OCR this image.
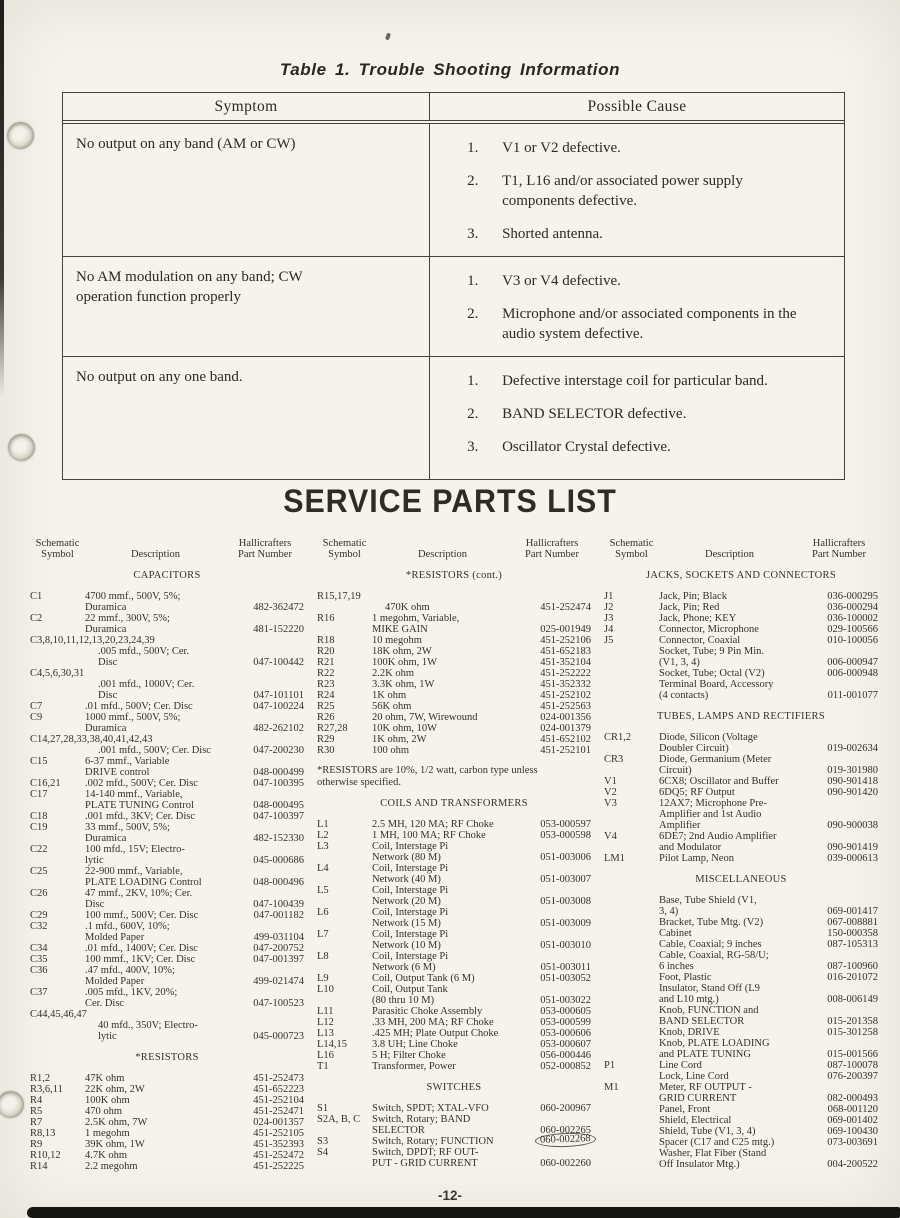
Table 1. Trouble Shooting Information
Symptom	Possible Cause
No output on any band (AM or CW)	1.	V1 or V2 defective.
2.	T1, L16 and/or associated power supply components defective.
3.	Shorted antenna.
No AM modulation on any band; CW operation function properly
1.	V3 or V4 defective.
2.	Microphone and/or associated components in the audio system defective.
No output on any one band.	1.	Defective interstage coil for particular band.
2.	BAND SELECTOR defective.
3.	Oscillator Crystal defective.
SERVICE PARTS LIST
Schematic
Symbol	Description
Hallicrafters
Part Number
CAPACITORS
C1	4700 mmf., 500V, 5%;
Duramica	482-362472
C2	22 mmf., 300V, 5%;
Duramica	481-152220
C3,8,10,11,12,13,20,23,24,39
.005 mfd., 500V; Cer.
Disc	047-100442
C4,5,6,30,31
.001 mfd., 1000V; Cer.
Disc	047-101101
C7	.01 mfd., 500V; Cer. Disc	047-100224
C9	1000 mmf., 500V, 5%;
Duramica	482-262102
C14,27,28,33,38,40,41,42,43
.001 mfd., 500V; Cer. Disc	047-200230
C15	6-37 mmf., Variable
DRIVE control	048-000499
C16,21 .002 mfd., 500V; Cer. Disc	047-100395
C17	14-140 mmf., Variable,
PLATE TUNING Control	048-000495
C18	.001 mfd., 3KV; Cer. Disc	047-100397
C19	33 mmf., 500V, 5%;
Duramica	482-152330
C22	100 mfd., 15V; Electro-
lytic	045-000686
C25	22-900 mmf., Variable,
PLATE LOADING Control	048-000496
C26	47 mmf., 2KV, 10%; Cer.
Disc	047-100439
C29	100 mmf., 500V; Cer. Disc	047-001182
C32	.1 mfd., 600V, 10%;
Molded Paper	499-031104
C34	.01 mfd., 1400V; Cer. Disc	047-200752
C35	100 mmf., 1KV; Cer. Disc	047-001397
C36	.47 mfd., 400V, 10%;
Molded Paper	499-021474
C37	.005 mfd., 1KV, 20%;
Cer. Disc	047-100523
C44,45,46,47
40 mfd., 350V; Electro-
lytic	045-000723
*RESISTORS
R1,2	47K ohm	451-252473
R3,6,11 22K ohm, 2W	451-652223
R4	100K ohm	451-252104
R5	470 ohm	451-252471
R7	2.5K ohm, 7W	024-001357
R8,13	1 megohm	451-252105
R9	39K ohm, 1W	451-352393
R10,12 4.7K ohm	451-252472
R14	2.2 megohm	451-252225
Schematic
Symbol	Description
Hallicrafters
Part Number
*RESISTORS (cont.)
R15,17,19
470K ohm	451-252474
R16	1 megohm, Variable,
MIKE GAIN	025-001949
R18	10 megohm	451-252106
R20	18K ohm, 2W	451-652183
R21	100K ohm, 1W	451-352104
R22	2.2K ohm	451-252222
R23	3.3K ohm, 1W	451-352332
R24	1K ohm	451-252102
R25	56K ohm	451-252563
R26	20 ohm, 7W, Wirewound	024-001356
R27,28 10K ohm, 10W	024-001379
R29	1K ohm, 2W	451-652102
R30	100 ohm	451-252101
*RESISTORS are 10%, 1/2 watt, carbon type unless otherwise specified.
COILS AND TRANSFORMERS
L1	2.5 MH, 120 MA; RF Choke	053-000597
L2	1 MH, 100 MA; RF Choke	053-000598
L3	Coil, Interstage Pi
Network (80 M)	051-003006
L4	Coil, Interstage Pi
Network (40 M)	051-003007
L5	Coil, Interstage Pi
Network (20 M)	051-003008
L6	Coil, Interstage Pi
Network (15 M)	051-003009
L7	Coil, Interstage Pi
Network (10 M)	051-003010
L8	Coil, Interstage Pi
Network (6 M)	051-003011
L9	Coil, Output Tank (6 M)	051-003052
L10	Coil, Output Tank
(80 thru 10 M)	051-003022
L11	Parasitic Choke Assembly	053-000605
L12	.33 MH, 200 MA; RF Choke	053-000599
L13	.425 MH; Plate Output Choke	053-000606
L14,15 3.8 UH; Line Choke	053-000607
L16	5 H; Filter Choke	056-000446
T1	Transformer, Power	052-000852
SWITCHES
S1	Switch, SPDT; XTAL-VFO	060-200967
S2A, B, C Switch, Rotary; BAND
SELECTOR	060-002265
S3	Switch, Rotary; FUNCTION	060-002268
S4	Switch, DPDT; RF OUT-
PUT - GRID CURRENT	060-002260
Schematic
Symbol	Description
Hallicrafters
Part Number
JACKS, SOCKETS AND CONNECTORS
J1	Jack, Pin; Black	036-000295
J2	Jack, Pin; Red	036-000294
J3	Jack, Phone; KEY	036-100002
J4	Connector, Microphone	029-100566
J5	Connector, Coaxial	010-100056
Socket, Tube; 9 Pin Min.
(V1, 3, 4)	006-000947
Socket, Tube; Octal (V2)	006-000948
Terminal Board, Accessory
(4 contacts)	011-001077
TUBES, LAMPS AND RECTIFIERS
CR1,2	Diode, Silicon (Voltage
Doubler Circuit)	019-002634
CR3	Diode, Germanium (Meter
Circuit)	019-301980
V1	6CX8; Oscillator and Buffer	090-901418
V2	6DQ5; RF Output	090-901420
V3	12AX7; Microphone Pre-
Amplifier and 1st Audio
Amplifier	090-900038
V4	6DE7; 2nd Audio Amplifier
and Modulator	090-901419
LM1	Pilot Lamp, Neon	039-000613
MISCELLANEOUS
Base, Tube Shield (V1,
3, 4)	069-001417
Bracket, Tube Mtg. (V2)	067-008881
Cabinet	150-000358
Cable, Coaxial; 9 inches	087-105313
Cable, Coaxial, RG-58/U;
6 inches	087-100960
Foot, Plastic	016-201072
Insulator, Stand Off (L9
and L10 mtg.)	008-006149
Knob, FUNCTION and
BAND SELECTOR	015-201358
Knob, DRIVE	015-301258
Knob, PLATE LOADING
and PLATE TUNING	015-001566
P1	Line Cord	087-100078
Lock, Line Cord	076-200397
M1	Meter, RF OUTPUT -
GRID CURRENT	082-000493
Panel, Front	068-001120
Shield, Electrical	069-001402
Shield, Tube (V1, 3, 4)	069-100430
Spacer (C17 and C25 mtg.)	073-003691
Washer, Flat Fiber (Stand
Off Insulator Mtg.)	004-200522
-12-
